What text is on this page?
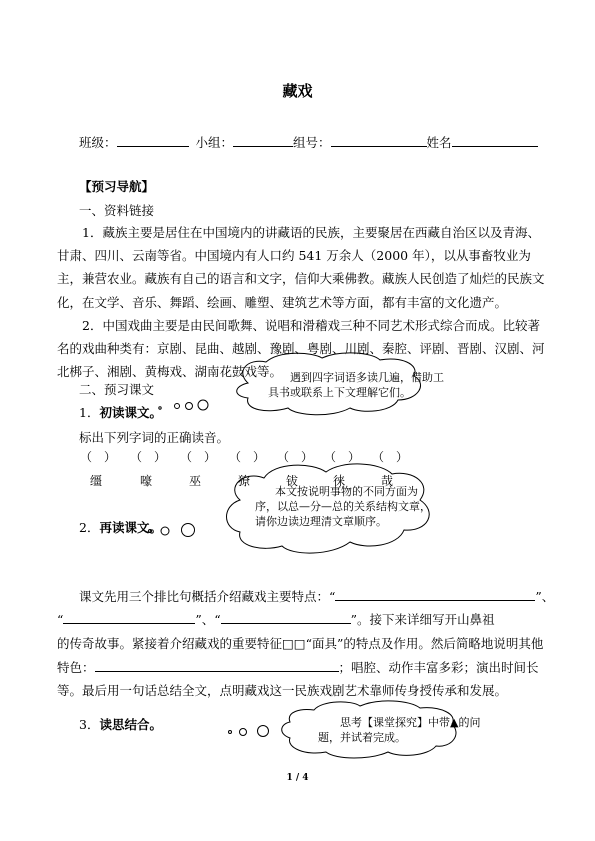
藏戏
班级：	小组：	组号：	姓名
【预习导航】
一、资料链接

1．藏族主要是居住在中国境内的讲藏语的民族，主要聚居在西藏自治区以及青海、甘肃、四川、云南等省。中国境内有人口约 541 万余人（2000 年），以从事畜牧业为主，兼营农业。藏族有自己的语言和文字，信仰大乘佛教。藏族人民创造了灿烂的民族文化，在文学、音乐、舞蹈、绘画、雕塑、建筑艺术等方面，都有丰富的文化遗产。

2．中国戏曲主要是由民间歌舞、说唱和滑稽戏三种不同艺术形式综合而成。比较著名的戏曲种类有：京剧、昆曲、越剧、豫剧、粤剧、川剧、秦腔、评剧、晋剧、汉剧、河北梆子、湘剧、黄梅戏、湖南花鼓戏等。

二、预习课文
1．初读课文。
标出下列字词的正确读音。
遇到四字词语多读几遍，借助工
具书或联系上下文理解它们。
（　） （　） （　） （　） （　） （　） （　）
缰	嚎	巫	獠	钹	徕	哉
2．再读课文。
本文按说明事物的不同方面为
序，以总—分—总的关系结构文章，
请你边读边理清文章顺序。
课文先用三个排比句概括介绍藏戏主要特点：“	”、
“	”、“	”。接下来详细写开山鼻祖
的传奇故事。紧接着介绍藏戏的重要特征□□“面具”的特点及作用。然后简略地说明其他
特色：	；唱腔、动作丰富多彩；演出时间长
等。最后用一句话总结全文，点明藏戏这一民族戏剧艺术靠师传身授传承和发展。
3．读思结合。	思考【课堂探究】中带▲的问
题，并试着完成。
1 / 4
